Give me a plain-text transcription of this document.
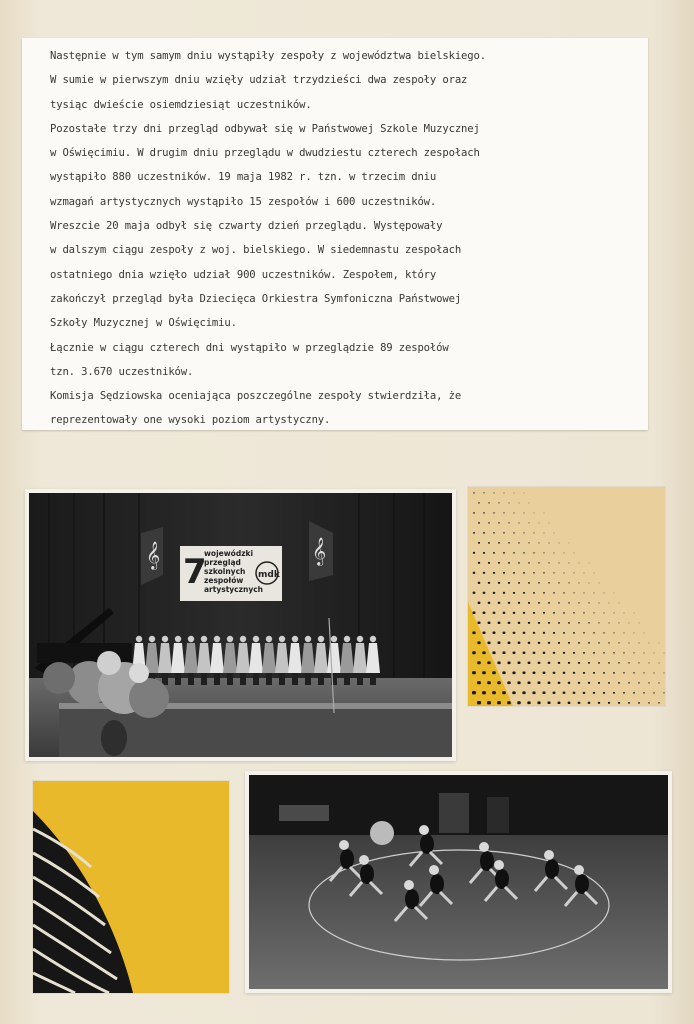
Następnie w tym samym dniu wystąpiły zespoły z województwa bielskiego.
W sumie w pierwszym dniu wzięły udział trzydzieści dwa zespoły oraz
tysiąc dwieście osiemdziesiąt uczestników.
Pozostałe trzy dni przegląd odbywał się w Państwowej Szkole Muzycznej
w Oświęcimiu. W drugim dniu przeglądu w dwudziestu czterech zespołach
wystąpiło 880 uczestników. 19 maja 1982 r. tzn. w trzecim dniu
wzmagań artystycznych wystąpiło 15 zespołów i 600 uczestników.
Wreszcie 20 maja odbył się czwarty dzień przeglądu. Występowały
w dalszym ciągu zespoły z woj. bielskiego. W siedemnastu zespołach
ostatniego dnia wzięło udział 900 uczestników. Zespołem, który
zakończył przegląd była Dziecięca Orkiestra Symfoniczna Państwowej
Szkoły Muzycznej w Oświęcimiu.
Łącznie w ciągu czterech dni wystąpiło w przeglądzie 89 zespołów
tzn. 3.670 uczestników.
Komisja Sędziowska oceniająca poszczególne zespoły stwierdziła, że
reprezentowały one wysoki poziom artystyczny.
𝄞	𝄞
7
wojewódzki
przegląd
szkolnych
zespołów
artystycznych
mdk
